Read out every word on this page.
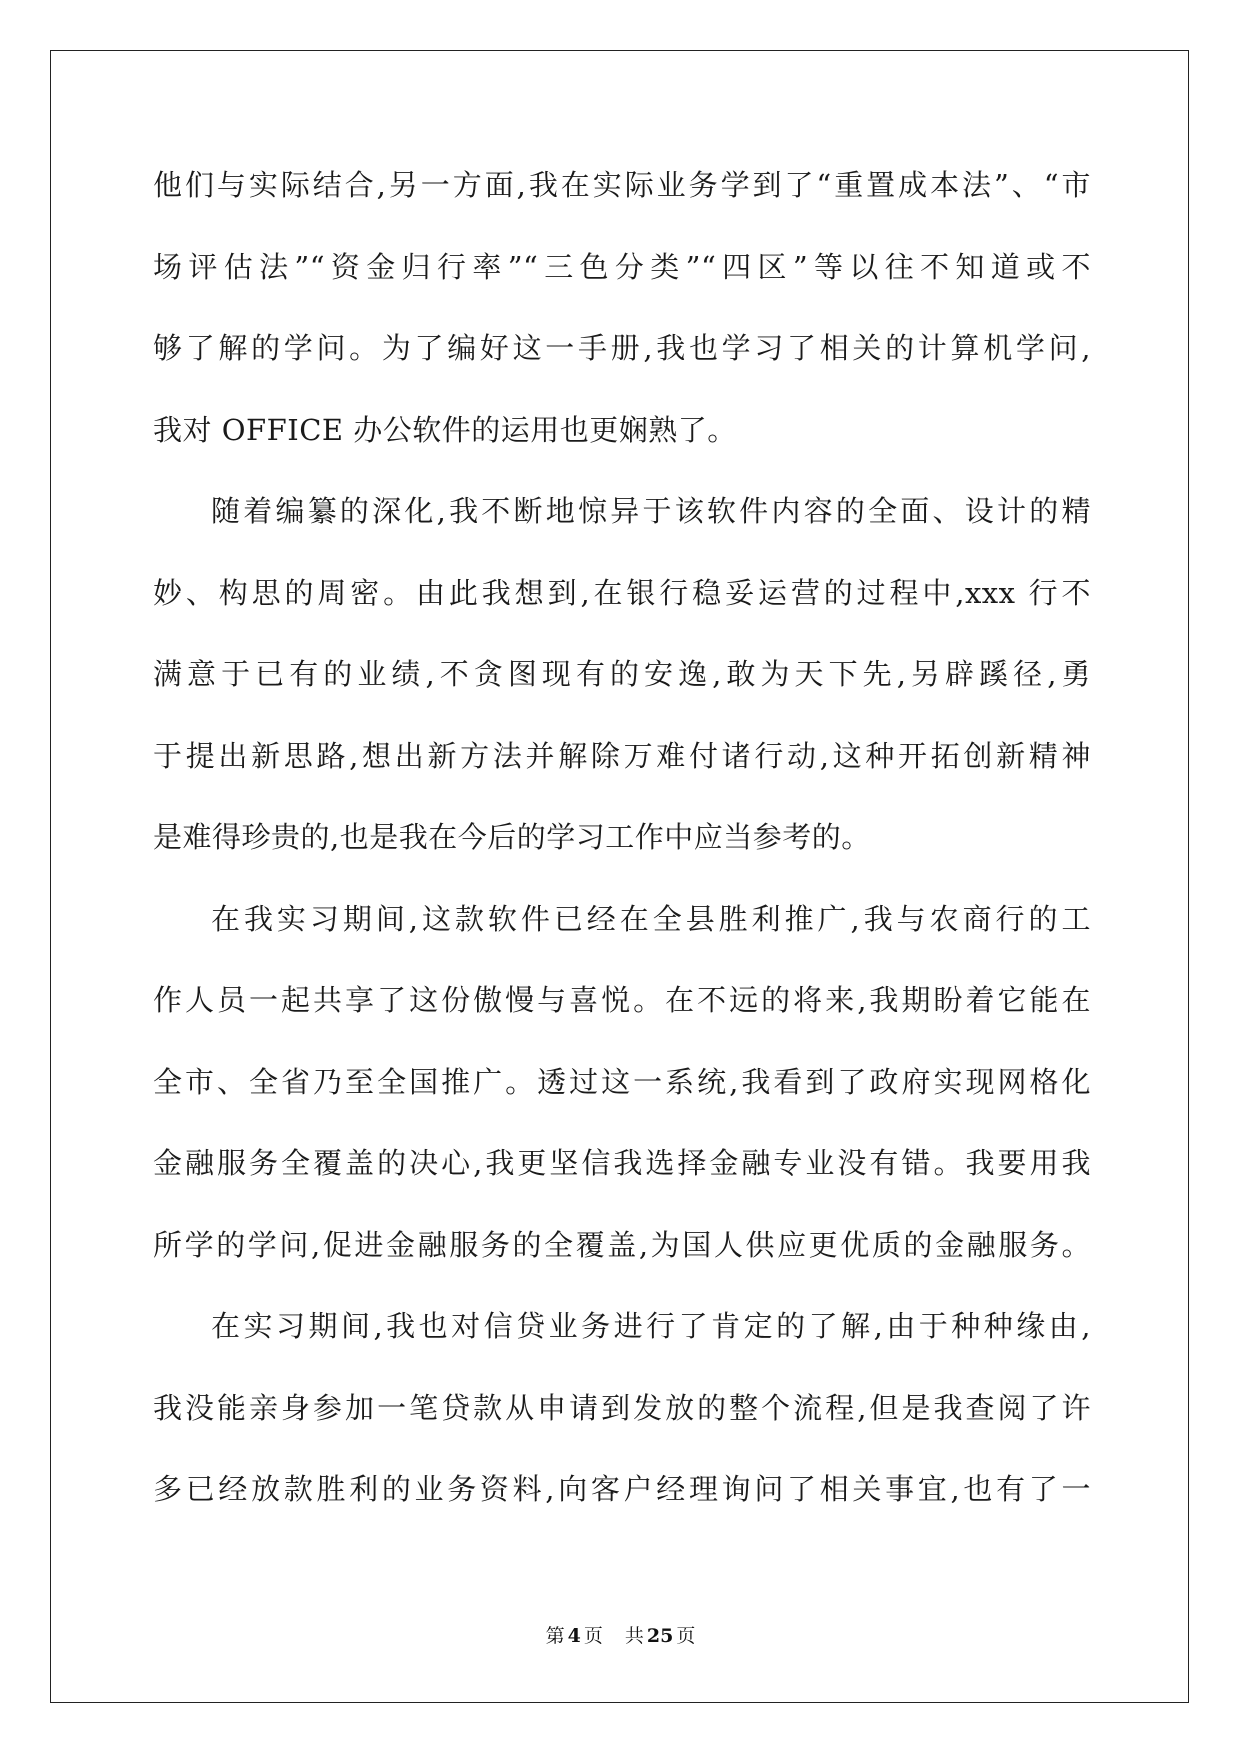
他们与实际结合,另一方面,我在实际业务学到了“重置成本法”、“市
场评估法”“资金归行率”“三色分类”“四区”等以往不知道或不
够了解的学问。为了编好这一手册,我也学习了相关的计算机学问,
我对 OFFICE 办公软件的运用也更娴熟了。
随着编纂的深化,我不断地惊异于该软件内容的全面、设计的精
妙、构思的周密。由此我想到,在银行稳妥运营的过程中,xxx 行不
满意于已有的业绩,不贪图现有的安逸,敢为天下先,另辟蹊径,勇
于提出新思路,想出新方法并解除万难付诸行动,这种开拓创新精神
是难得珍贵的,也是我在今后的学习工作中应当参考的。
在我实习期间,这款软件已经在全县胜利推广,我与农商行的工
作人员一起共享了这份傲慢与喜悦。在不远的将来,我期盼着它能在
全市、全省乃至全国推广。透过这一系统,我看到了政府实现网格化
金融服务全覆盖的决心,我更坚信我选择金融专业没有错。我要用我
所学的学问,促进金融服务的全覆盖,为国人供应更优质的金融服务。
在实习期间,我也对信贷业务进行了肯定的了解,由于种种缘由,
我没能亲身参加一笔贷款从申请到发放的整个流程,但是我查阅了许
多已经放款胜利的业务资料,向客户经理询问了相关事宜,也有了一
第 4 页 共 25 页
